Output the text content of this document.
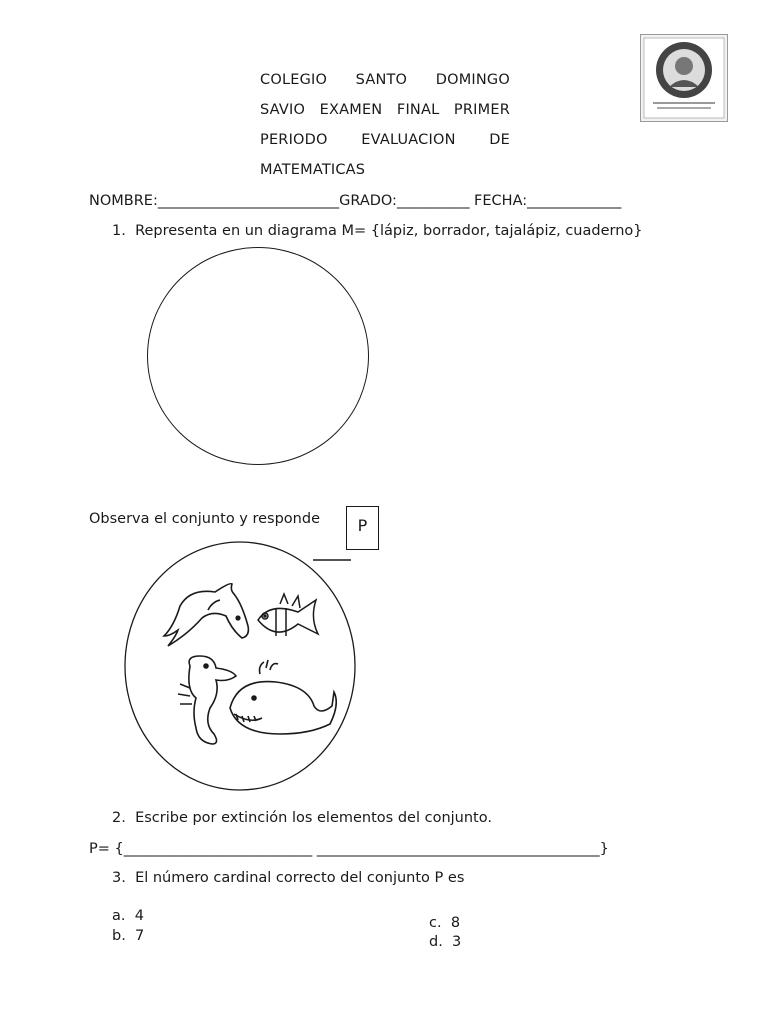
COLEGIO SANTO DOMINGO
SAVIO EXAMEN FINAL PRIMER
PERIODO EVALUACION DE
MATEMATICAS
NOMBRE:_________________________GRADO:__________ FECHA:_____________
1. Representa en un diagrama M= {lápiz, borrador, tajalápiz, cuaderno}
Observa el conjunto y responde	P
2. Escribe por extinción los elementos del conjunto.
P= {__________________________ _______________________________________}
3. El número cardinal correcto del conjunto P es
a. 4
b. 7
c. 8
d. 3
